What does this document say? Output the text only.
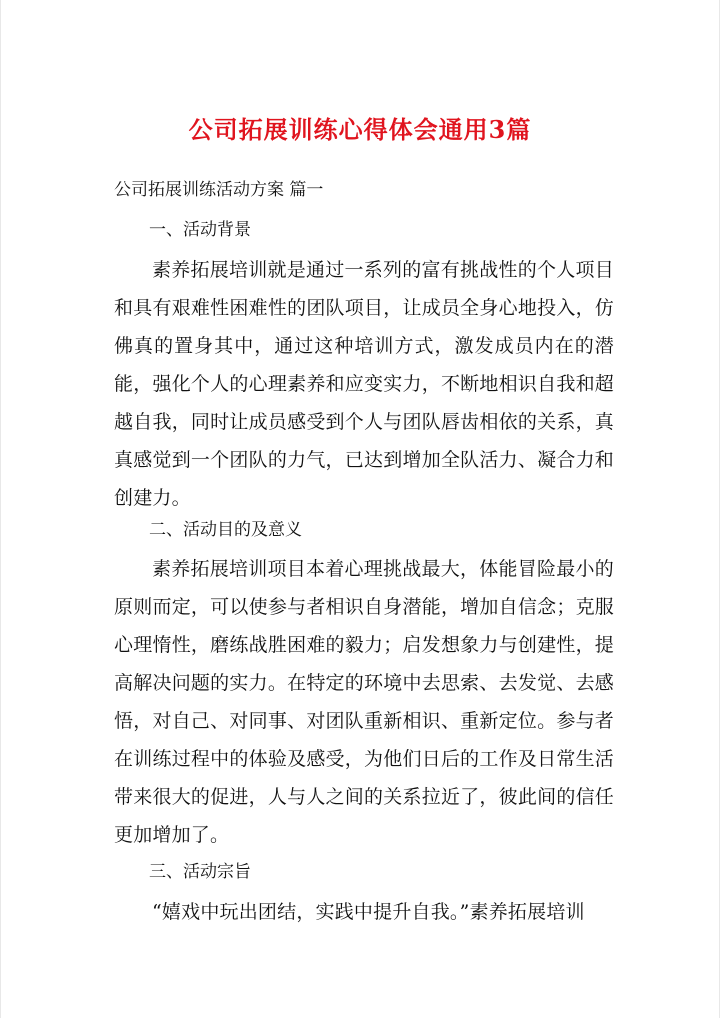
公司拓展训练心得体会通用3篇
公司拓展训练活动方案 篇一
一、活动背景
素养拓展培训就是通过一系列的富有挑战性的个人项目和具有艰难性困难性的团队项目，让成员全身心地投入，仿佛真的置身其中，通过这种培训方式，激发成员内在的潜能，强化个人的心理素养和应变实力，不断地相识自我和超越自我，同时让成员感受到个人与团队唇齿相依的关系，真真感觉到一个团队的力气，已达到增加全队活力、凝合力和创建力。
二、活动目的及意义
素养拓展培训项目本着心理挑战最大，体能冒险最小的原则而定，可以使参与者相识自身潜能，增加自信念；克服心理惰性，磨练战胜困难的毅力；启发想象力与创建性，提高解决问题的实力。在特定的环境中去思索、去发觉、去感悟，对自己、对同事、对团队重新相识、重新定位。参与者在训练过程中的体验及感受，为他们日后的工作及日常生活带来很大的促进，人与人之间的关系拉近了，彼此间的信任更加增加了。
三、活动宗旨
“嬉戏中玩出团结，实践中提升自我。”素养拓展培训
